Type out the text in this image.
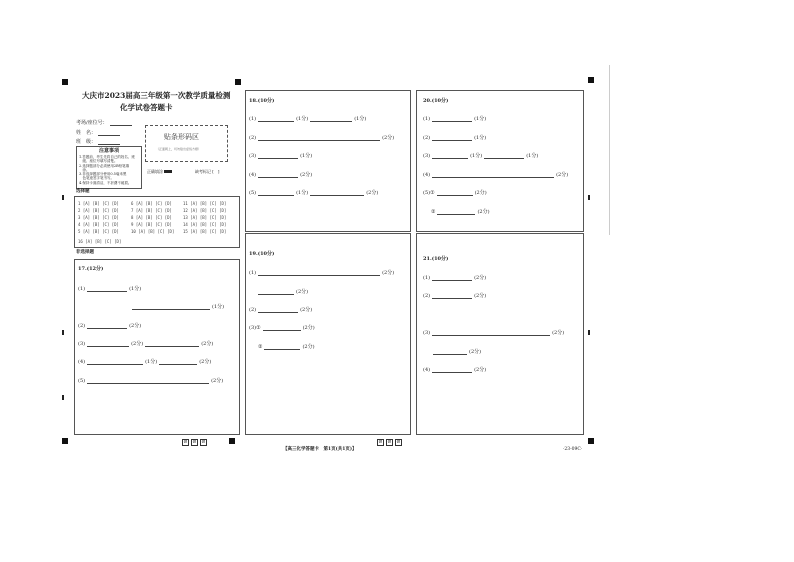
大庆市2023届高三年级第一次教学质量检测
化学试卷答题卡
考场/座位号：
姓　名：
班　级：
贴条形码区
（正面朝上，切勿贴出虚线方框）
正确填涂	缺考标记 [　]
注意事项
1.答题前，考生先将自己的姓名、班
　级、座位号填写清楚。
2.选择题部分必须使用2B铅笔填
　涂。
3.非选择题部分使用0.5毫米黑
　色笔迹签字笔书写。
4.保持卡面清洁，不折叠不破损。
选择题
1 [A] [B] [C] [D]
2 [A] [B] [C] [D]
3 [A] [B] [C] [D]
4 [A] [B] [C] [D]
5 [A] [B] [C] [D]
6 [A] [B] [C] [D]
7 [A] [B] [C] [D]
8 [A] [B] [C] [D]
9 [A] [B] [C] [D]
10 [A] [B] [C] [D]
11 [A] [B] [C] [D]
12 [A] [B] [C] [D]
13 [A] [B] [C] [D]
14 [A] [B] [C] [D]
15 [A] [B] [C] [D]
16 [A] [B] [C] [D]
非选择题
17.(12分)
(1)	(1分)
(1分)
(2)	(2分)
(3)	(2分)	(2分)
(4)	(1分)	(2分)
(5)	(2分)
⊘ ⊘ ⊘
18.(10分)
(1)	(1分)	(1分)
(2)	(2分)
(3)	(1分)
(4)	(2分)
(5)	(1分)	(2分)
19.(10分)
(1)	(2分)
(2分)
(2)	(2分)
(3)①	(2分)
②	(2分)
⊘ ⊘ ⊘
20.(10分)
(1)	(1分)
(2)	(1分)
(3)	(1分)	(1分)
(4)	(2分)
(5)①	(2分)
②	(2分)
21.(10分)
(1)	(2分)
(2)	(2分)
(3)	(2分)
(2分)
(4)	(2分)
【高三化学答题卡　第1页(共1页)】	·23-09C·
